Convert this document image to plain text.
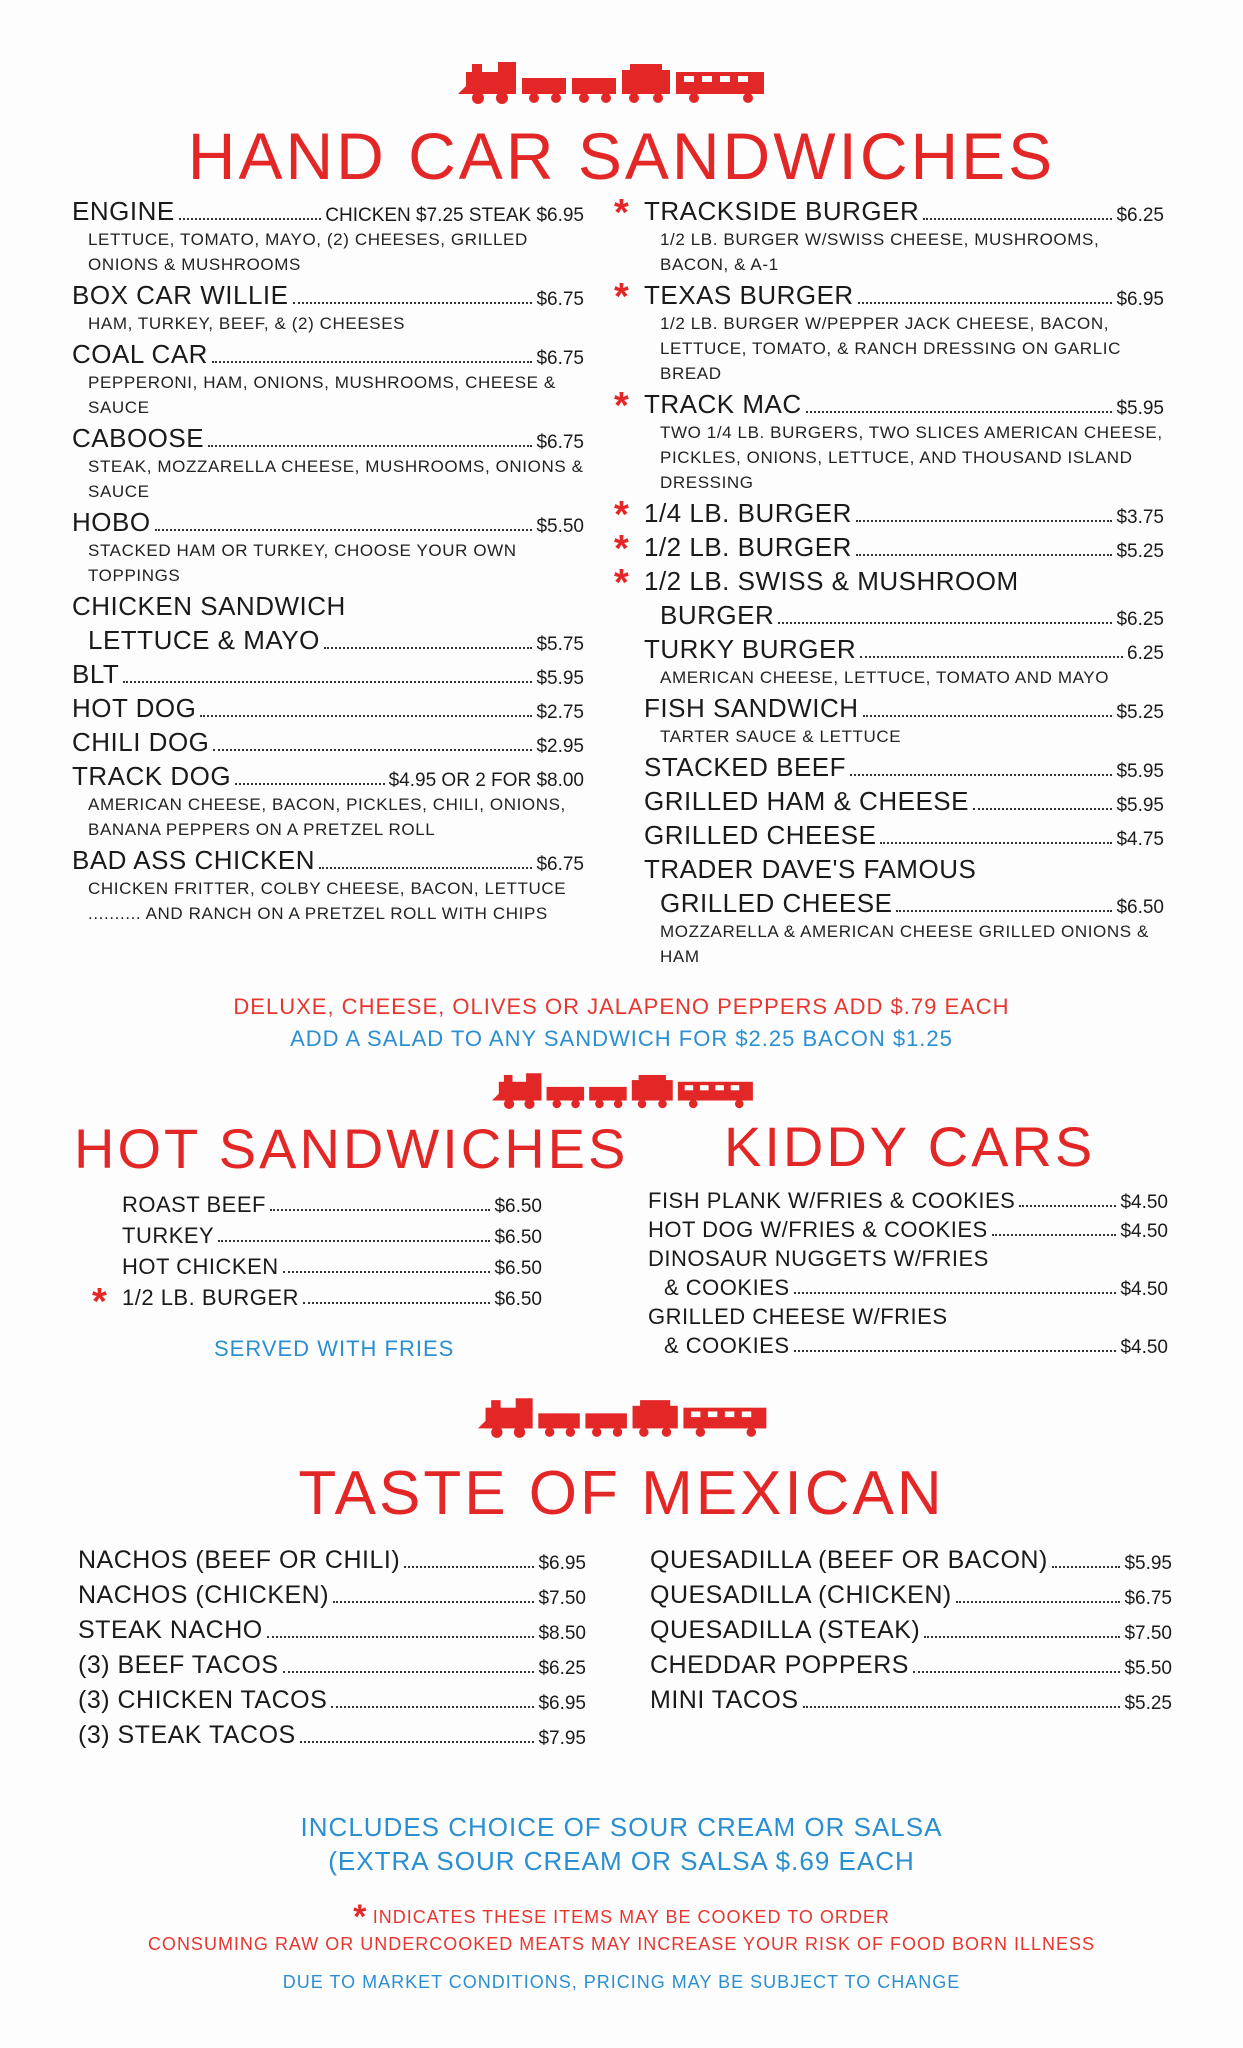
HAND CAR SANDWICHES
ENGINE	CHICKEN $7.25 STEAK $6.95
LETTUCE, TOMATO, MAYO, (2) CHEESES, GRILLED ONIONS & MUSHROOMS
BOX CAR WILLIE	$6.75
HAM, TURKEY, BEEF, & (2) CHEESES
COAL CAR	$6.75
PEPPERONI, HAM, ONIONS, MUSHROOMS, CHEESE & SAUCE
CABOOSE	$6.75
STEAK, MOZZARELLA CHEESE, MUSHROOMS, ONIONS & SAUCE
HOBO	$5.50
STACKED HAM OR TURKEY, CHOOSE YOUR OWN TOPPINGS
CHICKEN SANDWICH
LETTUCE & MAYO	$5.75
BLT	$5.95
HOT DOG	$2.75
CHILI DOG	$2.95
TRACK DOG	$4.95 OR 2 FOR $8.00
AMERICAN CHEESE, BACON, PICKLES, CHILI, ONIONS, BANANA PEPPERS ON A PRETZEL ROLL
BAD ASS CHICKEN	$6.75
CHICKEN FRITTER, COLBY CHEESE, BACON, LETTUCE .......... AND RANCH ON A PRETZEL ROLL WITH CHIPS
* TRACKSIDE BURGER	$6.25
1/2 LB. BURGER W/SWISS CHEESE, MUSHROOMS, BACON, & A-1
* TEXAS BURGER	$6.95
1/2 LB. BURGER W/PEPPER JACK CHEESE, BACON, LETTUCE, TOMATO, & RANCH DRESSING ON GARLIC BREAD
* TRACK MAC	$5.95
TWO 1/4 LB. BURGERS, TWO SLICES AMERICAN CHEESE, PICKLES, ONIONS, LETTUCE, AND THOUSAND ISLAND DRESSING
* 1/4 LB. BURGER	$3.75
* 1/2 LB. BURGER	$5.25
* 1/2 LB. SWISS & MUSHROOM
BURGER	$6.25
TURKY BURGER	6.25
AMERICAN CHEESE, LETTUCE, TOMATO AND MAYO
FISH SANDWICH	$5.25
TARTER SAUCE & LETTUCE
STACKED BEEF	$5.95
GRILLED HAM & CHEESE	$5.95
GRILLED CHEESE	$4.75
TRADER DAVE'S FAMOUS
GRILLED CHEESE	$6.50
MOZZARELLA & AMERICAN CHEESE GRILLED ONIONS & HAM
DELUXE, CHEESE, OLIVES OR JALAPENO PEPPERS ADD $.79 EACH
ADD A SALAD TO ANY SANDWICH FOR $2.25 BACON $1.25
HOT SANDWICHES
ROAST BEEF	$6.50
TURKEY	$6.50
HOT CHICKEN	$6.50
* 1/2 LB. BURGER	$6.50
SERVED WITH FRIES
KIDDY CARS
FISH PLANK W/FRIES & COOKIES	$4.50
HOT DOG W/FRIES & COOKIES	$4.50
DINOSAUR NUGGETS W/FRIES
& COOKIES	$4.50
GRILLED CHEESE W/FRIES
& COOKIES	$4.50
TASTE OF MEXICAN
NACHOS (BEEF OR CHILI)	$6.95
NACHOS (CHICKEN)	$7.50
STEAK NACHO	$8.50
(3) BEEF TACOS	$6.25
(3) CHICKEN TACOS	$6.95
(3) STEAK TACOS	$7.95
QUESADILLA (BEEF OR BACON)	$5.95
QUESADILLA (CHICKEN)	$6.75
QUESADILLA (STEAK)	$7.50
CHEDDAR POPPERS	$5.50
MINI TACOS	$5.25
INCLUDES CHOICE OF SOUR CREAM OR SALSA
(EXTRA SOUR CREAM OR SALSA $.69 EACH
* INDICATES THESE ITEMS MAY BE COOKED TO ORDER
CONSUMING RAW OR UNDERCOOKED MEATS MAY INCREASE YOUR RISK OF FOOD BORN ILLNESS
DUE TO MARKET CONDITIONS, PRICING MAY BE SUBJECT TO CHANGE
